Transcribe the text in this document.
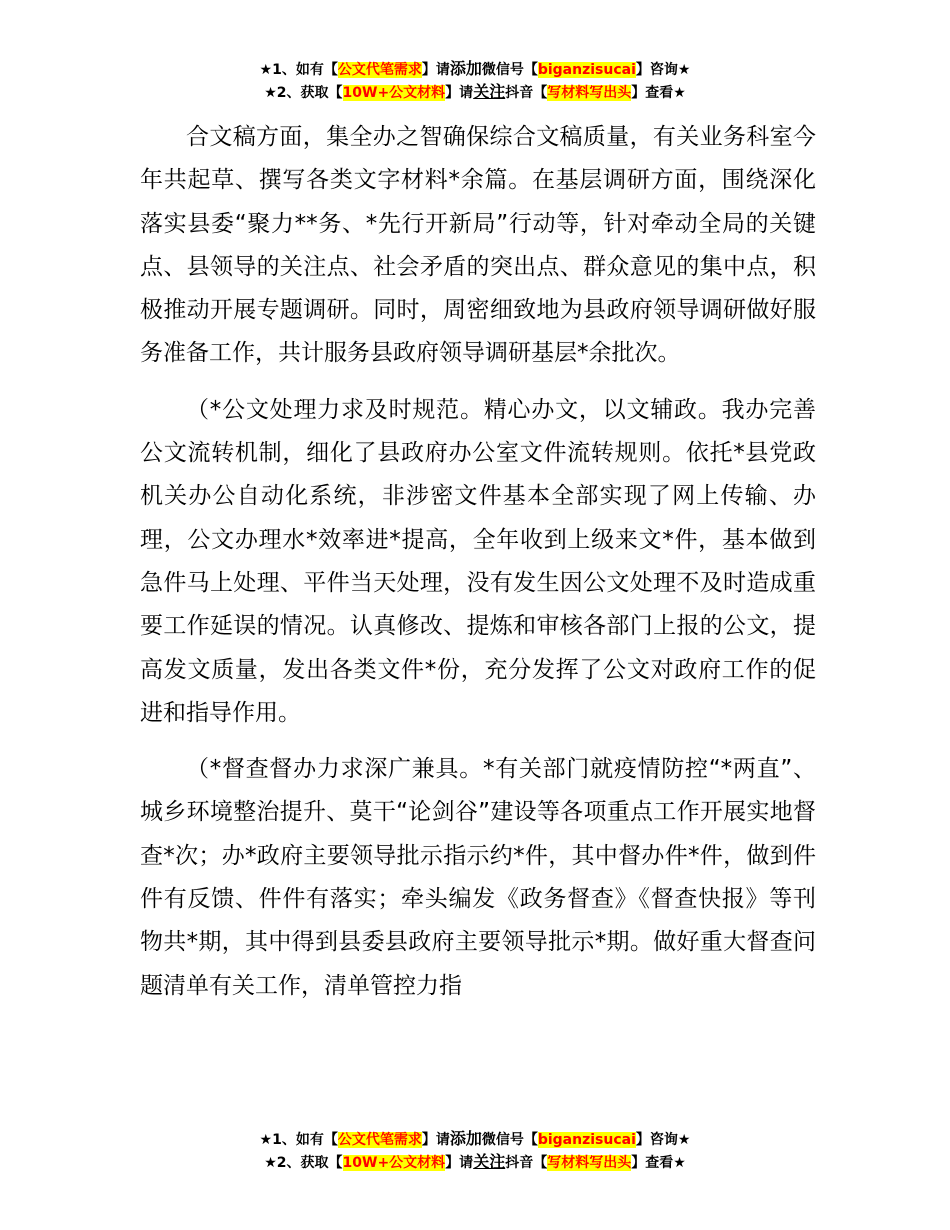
★1、如有【公文代笔需求】请添加微信号【biganzisucai】咨询★
★2、获取【10W+公文材料】请关注抖音【写材料写出头】查看★

合文稿方面，集全办之智确保综合文稿质量，有关业务科室今年共起草、撰写各类文字材料*余篇。在基层调研方面，围绕深化落实县委“聚力**务、*先行开新局”行动等，针对牵动全局的关键点、县领导的关注点、社会矛盾的突出点、群众意见的集中点，积极推动开展专题调研。同时，周密细致地为县政府领导调研做好服务准备工作，共计服务县政府领导调研基层*余批次。

（*公文处理力求及时规范。精心办文，以文辅政。我办完善公文流转机制，细化了县政府办公室文件流转规则。依托*县党政机关办公自动化系统，非涉密文件基本全部实现了网上传输、办理，公文办理水*效率进*提高，全年收到上级来文*件，基本做到急件马上处理、平件当天处理，没有发生因公文处理不及时造成重要工作延误的情况。认真修改、提炼和审核各部门上报的公文，提高发文质量，发出各类文件*份，充分发挥了公文对政府工作的促进和指导作用。

（*督查督办力求深广兼具。*有关部门就疫情防控“*两直”、城乡环境整治提升、莫干“论剑谷”建设等各项重点工作开展实地督查*次；办*政府主要领导批示指示约*件，其中督办件*件，做到件件有反馈、件件有落实；牵头编发《政务督查》《督查快报》等刊物共*期，其中得到县委县政府主要领导批示*期。做好重大督查问题清单有关工作，清单管控力指

★1、如有【公文代笔需求】请添加微信号【biganzisucai】咨询★
★2、获取【10W+公文材料】请关注抖音【写材料写出头】查看★
